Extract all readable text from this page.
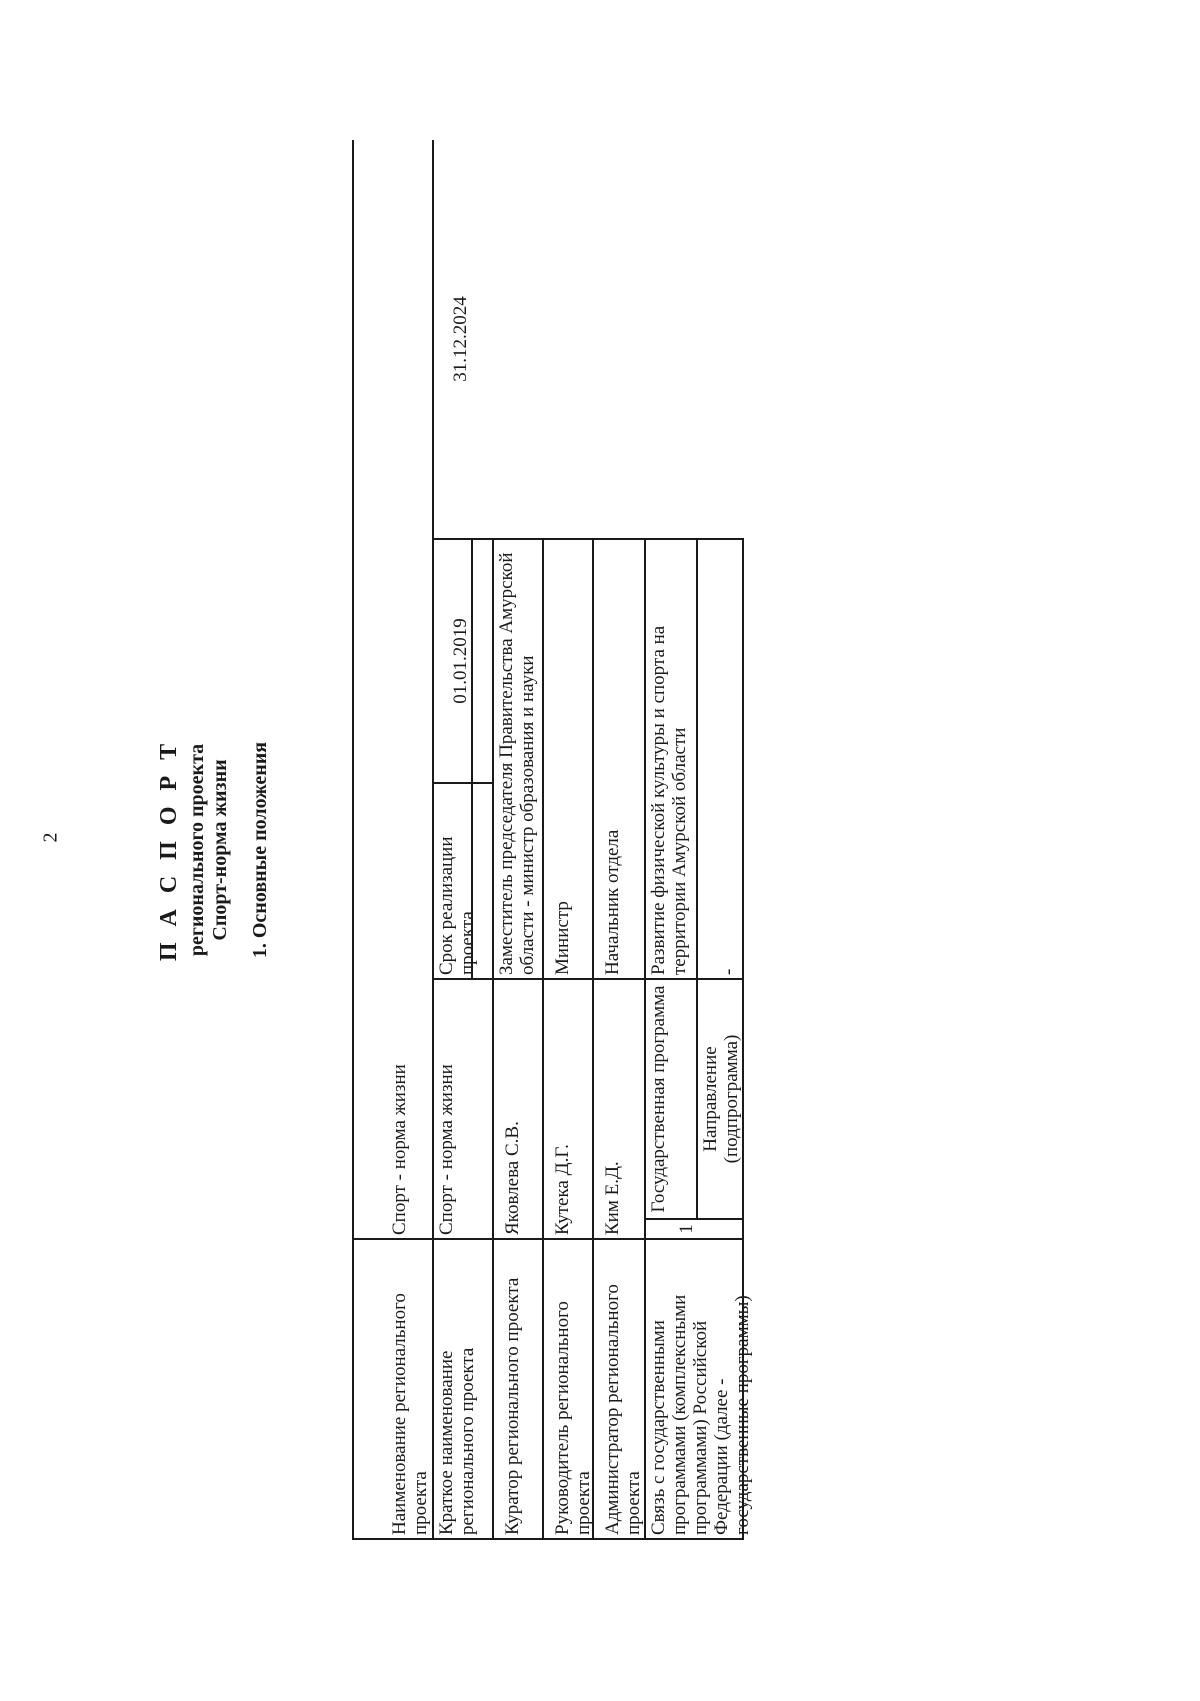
2	П А С П О Р Т регионального проекта Спорт-норма жизни 1. Основные положения
Наименование регионального проекта
Спорт - норма жизни
Краткое наименование регионального проекта
Спорт - норма жизни
Срок реализации проекта
01.01.2019
31.12.2024
Куратор регионального проекта
Яковлева С.В.
Заместитель председателя Правительства Амурской области - министр образования и науки
Руководитель регионального проекта
Кутека Д.Г.
Министр
Администратор регионального проекта
Ким Е.Д.
Начальник отдела
Связь с государственными программами (комплексными программами) Российской Федерации (далее - государственные программы)
1
Государственная программа
Развитие физической культуры и спорта на территории Амурской области
Направление (подпрограмма)
-
